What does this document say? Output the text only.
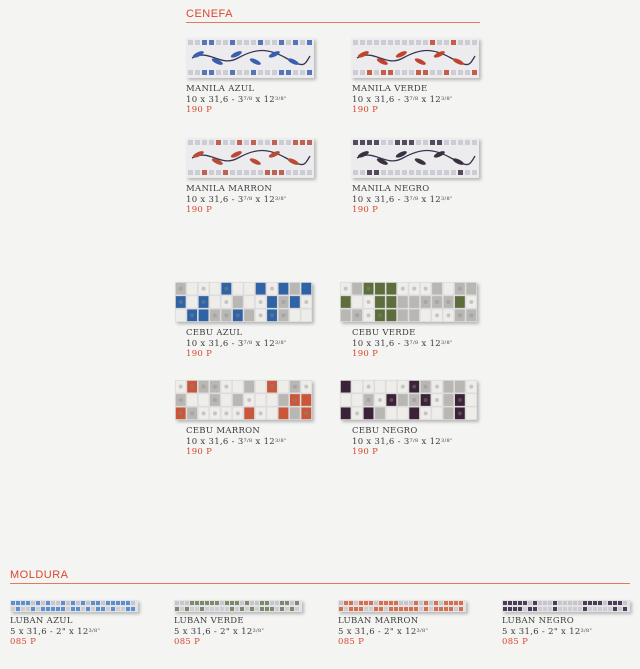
CENEFA
MANILA AZUL
10 x $31,6 - 3^{7/8}$ x $12^{3/8"}$
190 P
MANILA VERDE
10 x $31,6 - 3^{7/8}$ x $12^{3/8"}$
190 P
MANILA MARRON
10 x $31,6 - 3^{7/8}$ x $12^{3/8"}$
190 P
MANILA NEGRO
10 x $31,6 - 3^{7/8}$ x $12^{3/8"}$
190 P
CEBU AZUL
10 x $31,6 - 3^{7/8}$ x $12^{3/8"}$
190 P
CEBU VERDE
10 x $31,6 - 3^{7/8}$ x $12^{3/8"}$
190 P
CEBU MARRON
10 x $31,6 - 3^{7/8}$ x $12^{3/8"}$
190 P
CEBU NEGRO
10 x $31,6 - 3^{7/8}$ x $12^{3/8"}$
190 P
MOLDURA
LUBAN AZUL
5 x 31,6 - 2" x $12^{3/8"}$
085 P
LUBAN VERDE
5 x 31,6 - 2" x $12^{3/8"}$
085 P
LUBAN MARRON
5 x 31,6 - 2" x $12^{3/8"}$
085 P
LUBAN NEGRO
5 x 31,6 - 2" x $12^{3/8"}$
085 P
